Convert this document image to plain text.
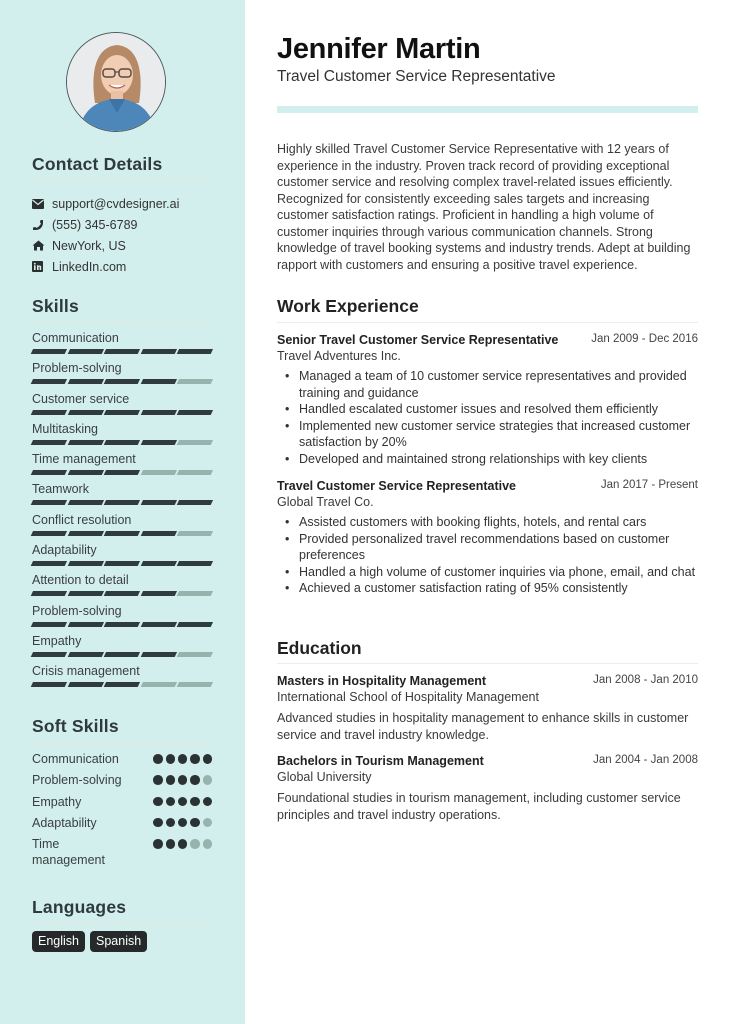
Contact Details
support@cvdesigner.ai
(555) 345-6789
NewYork, US
LinkedIn.com
Skills
Communication
Problem-solving
Customer service
Multitasking
Time management
Teamwork
Conflict resolution
Adaptability
Attention to detail
Problem-solving
Empathy
Crisis management
Soft Skills
Communication
Problem-solving
Empathy
Adaptability
Time management
Languages
English	Spanish
Jennifer Martin
Travel Customer Service Representative

Highly skilled Travel Customer Service Representative with 12 years of experience in the industry. Proven track record of providing exceptional customer service and resolving complex travel-related issues efficiently. Recognized for consistently exceeding sales targets and increasing customer satisfaction ratings. Proficient in handling a high volume of customer inquiries through various communication channels. Strong knowledge of travel booking systems and industry trends. Adept at building rapport with customers and ensuring a positive travel experience.

Work Experience
Senior Travel Customer Service Representative	Jan 2009 - Dec 2016
Travel Adventures Inc.
• Managed a team of 10 customer service representatives and provided training and guidance
• Handled escalated customer issues and resolved them efficiently
• Implemented new customer service strategies that increased customer satisfaction by 20%
• Developed and maintained strong relationships with key clients
Travel Customer Service Representative	Jan 2017 - Present
Global Travel Co.
• Assisted customers with booking flights, hotels, and rental cars
• Provided personalized travel recommendations based on customer preferences
• Handled a high volume of customer inquiries via phone, email, and chat
• Achieved a customer satisfaction rating of 95% consistently
Education
Masters in Hospitality Management	Jan 2008 - Jan 2010
International School of Hospitality Management
Advanced studies in hospitality management to enhance skills in customer service and travel industry knowledge.
Bachelors in Tourism Management	Jan 2004 - Jan 2008
Global University
Foundational studies in tourism management, including customer service principles and travel industry operations.
